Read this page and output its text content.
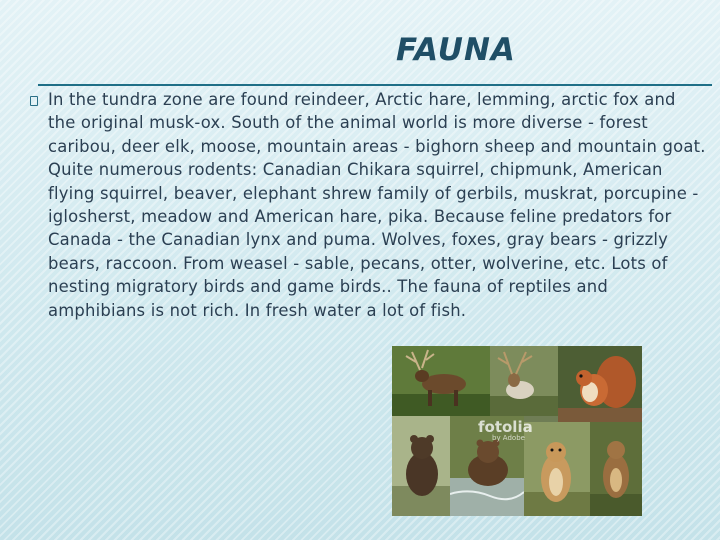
FAUNA

In the tundra zone are found reindeer, Arctic hare, lemming, arctic fox and the original musk-ox. South of the animal world is more diverse - forest caribou, deer elk, moose, mountain areas - bighorn sheep and mountain goat. Quite numerous rodents: Canadian Chikara squirrel, chipmunk, American flying squirrel, beaver, elephant shrew family of gerbils, muskrat, porcupine - iglosherst, meadow and American hare, pika. Because feline predators for Canada - the Canadian lynx and puma. Wolves, foxes, gray bears - grizzly bears, raccoon. From weasel - sable, pecans, otter, wolverine, etc. Lots of nesting migratory birds and game birds.. The fauna of reptiles and amphibians is not rich. In fresh water a lot of fish.

fotolia
by Adobe
